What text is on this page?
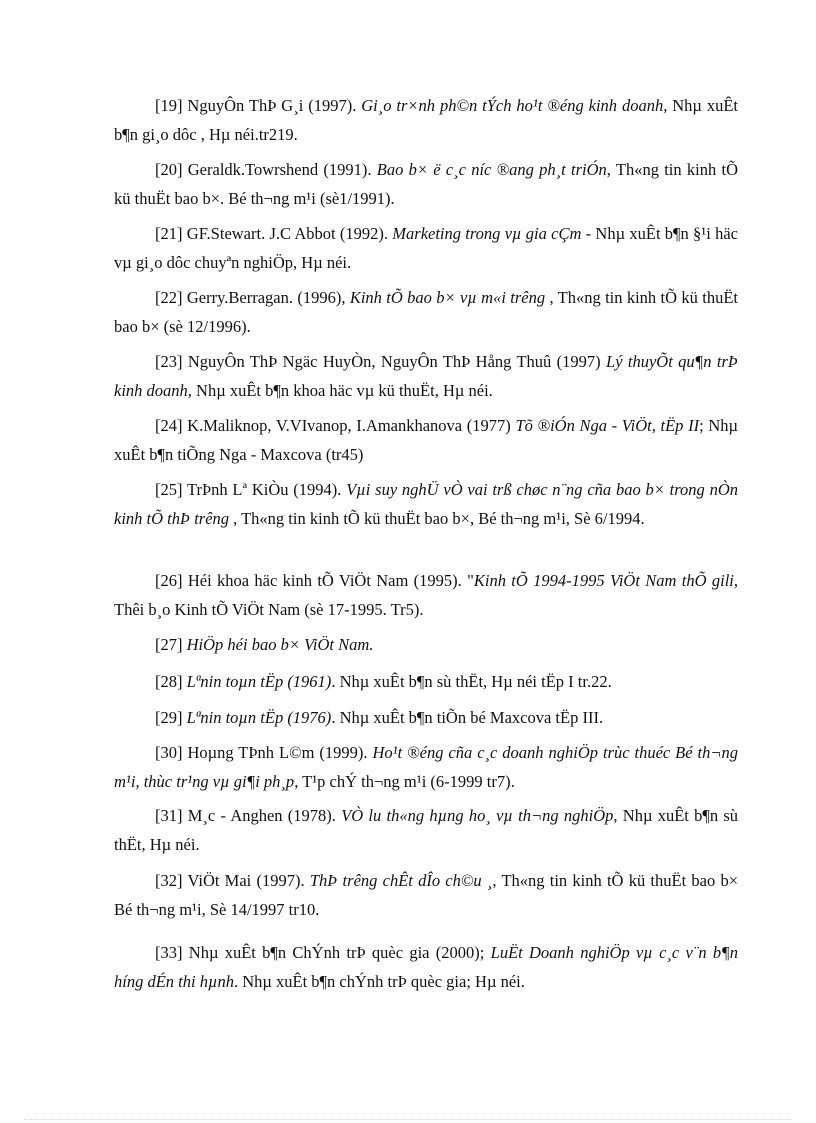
[19] NguyÔn ThÞ G¸i (1997). Gi¸o tr×nh ph©n tÝch ho¹t ®éng kinh doanh, Nhµ xuÊt b¶n gi¸o dôc , Hµ néi.tr219.

[20] Geraldk.Towrshend (1991). Bao b× ë c¸c níc ®ang ph¸t triÓn, Th«ng tin kinh tÕ kü thuËt bao b×. Bé th¬ng m¹i (sè1/1991).

[21] GF.Stewart. J.C Abbot (1992). Marketing trong vµ gia cÇm - Nhµ xuÊt b¶n §¹i häc vµ gi¸o dôc chuyªn nghiÖp, Hµ néi.

[22] Gerry.Berragan. (1996), Kinh tÕ bao b× vµ m«i trêng , Th«ng tin kinh tÕ kü thuËt bao b× (sè 12/1996).

[23] NguyÔn ThÞ Ngäc HuyÒn, NguyÔn ThÞ Hång Thuû (1997) Lý thuyÕt qu¶n trÞ kinh doanh, Nhµ xuÊt b¶n khoa häc vµ kü thuËt, Hµ néi.

[24] K.Maliknop, V.VIvanop, I.Amankhanova (1977) Tõ ®iÓn Nga - ViÖt, tËp II; Nhµ xuÊt b¶n tiÕng Nga - Maxcova (tr45)

[25] TrÞnh Lª KiÒu (1994). Vµi suy nghÜ vÒ vai trß chøc n¨ng cña bao b× trong nÒn kinh tÕ thÞ trêng , Th«ng tin kinh tÕ kü thuËt bao b×, Bé th¬ng m¹i, Sè 6/1994.

[26] Héi khoa häc kinh tÕ ViÖt Nam (1995). "Kinh tÕ 1994-1995 ViÖt Nam thÕ gili, Thêi b¸o Kinh tÕ ViÖt Nam (sè 17-1995. Tr5).

[27] HiÖp héi bao b× ViÖt Nam.

[28] Lªnin toµn tËp (1961). Nhµ xuÊt b¶n sù thËt, Hµ néi tËp I tr.22.

[29] Lªnin toµn tËp (1976). Nhµ xuÊt b¶n tiÕn bé Maxcova tËp III.

[30] Hoµng TÞnh L©m (1999). Ho¹t ®éng cña c¸c doanh nghiÖp trùc thuéc Bé th¬ng m¹i, thùc tr¹ng vµ gi¶i ph¸p, T¹p chÝ th¬ng m¹i (6-1999 tr7).

[31] M¸c - Anghen (1978). VÒ lu th«ng hµng ho¸ vµ th¬ng nghiÖp, Nhµ xuÊt b¶n sù thËt, Hµ néi.

[32] ViÖt Mai (1997). ThÞ trêng chÊt dÎo ch©u ¸, Th«ng tin kinh tÕ kü thuËt bao b× Bé th¬ng m¹i, Sè 14/1997 tr10.

[33] Nhµ xuÊt b¶n ChÝnh trÞ quèc gia (2000); LuËt Doanh nghiÖp vµ c¸c v¨n b¶n híng dÉn thi hµnh. Nhµ xuÊt b¶n chÝnh trÞ quèc gia; Hµ néi.
